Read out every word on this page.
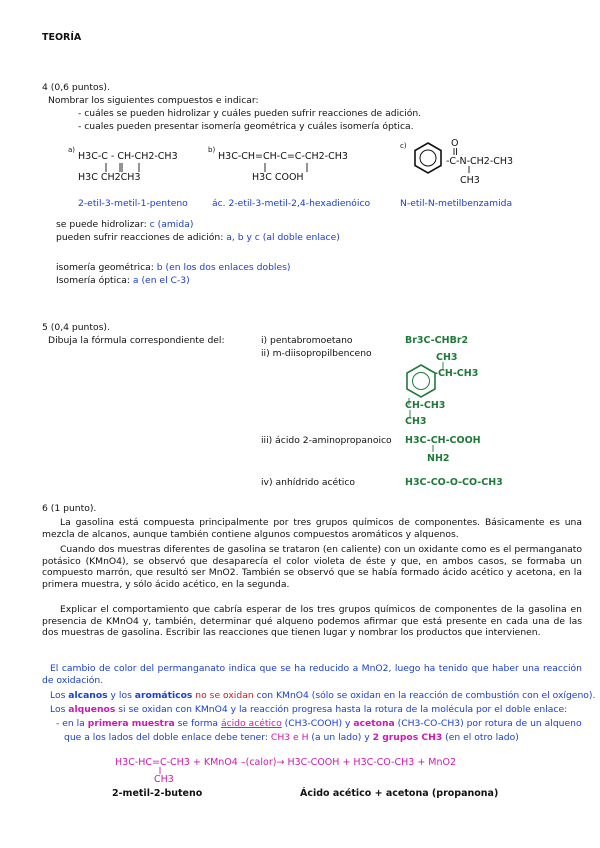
TEORÍA
4 (0,6 puntos).
Nombrar los siguientes compuestos e indicar:
- cuáles se pueden hidrolizar y cuáles pueden sufrir reacciones de adición.
- cuales pueden presentar isomería geométrica y cuáles isomería óptica.
a)
H3C-C - CH-CH2-CH3
H3C CH2CH3
b)
H3C-CH=CH-C=C-CH2-CH3
H3C COOH
c)	O
-C-N-CH2-CH3
CH3
2-etil-3-metil-1-penteno	ác. 2-etil-3-metil-2,4-hexadienóico	N-etil-N-metilbenzamida
se puede hidrolizar: c (amida)
pueden sufrir reacciones de adición: a, b y c (al doble enlace)
isomería geométrica: b (en los dos enlaces dobles)
Isomería óptica: a (en el C-3)
5 (0,4 puntos).
Dibuja la fórmula correspondiente del:	i) pentabromoetano	Br3C-CHBr2
ii) m-diisopropilbenceno	CH3
-CH-CH3
CH-CH3
CH3
iii) ácido 2-aminopropanoico H3C-CH-COOH
NH2
iv) anhídrido acético	H3C-CO-O-CO-CH3
6 (1 punto).
La gasolina está compuesta principalmente por tres grupos químicos de componentes. Básicamente es una mezcla de alcanos, aunque también contiene algunos compuestos aromáticos y alquenos.
Cuando dos muestras diferentes de gasolina se trataron (en caliente) con un oxidante como es el permanganato potásico (KMnO4), se observó que desaparecía el color violeta de éste y que, en ambos casos, se formaba un compuesto marrón, que resultó ser MnO2. También se observó que se había formado ácido acético y acetona, en la primera muestra, y sólo ácido acético, en la segunda.
Explicar el comportamiento que cabría esperar de los tres grupos químicos de componentes de la gasolina en presencia de KMnO4 y, también, determinar qué alqueno podemos afirmar que está presente en cada una de las dos muestras de gasolina. Escribir las reacciones que tienen lugar y nombrar los productos que intervienen.
El cambio de color del permanganato indica que se ha reducido a MnO2, luego ha tenido que haber una reacción de oxidación.
Los alcanos y los aromáticos no se oxidan con KMnO4 (sólo se oxidan en la reacción de combustión con el oxígeno).
Los alquenos si se oxidan con KMnO4 y la reacción progresa hasta la rotura de la molécula por el doble enlace:
- en la primera muestra se forma ácido acético (CH3-COOH) y acetona (CH3-CO-CH3) por rotura de un alqueno
que a los lados del doble enlace debe tener: CH3 e H (a un lado) y 2 grupos CH3 (en el otro lado)
H3C-HC=C-CH3 + KMnO4 –(calor)→ H3C-COOH + H3C-CO-CH3 + MnO2
CH3
2-metil-2-buteno	Ácido acético + acetona (propanona)
